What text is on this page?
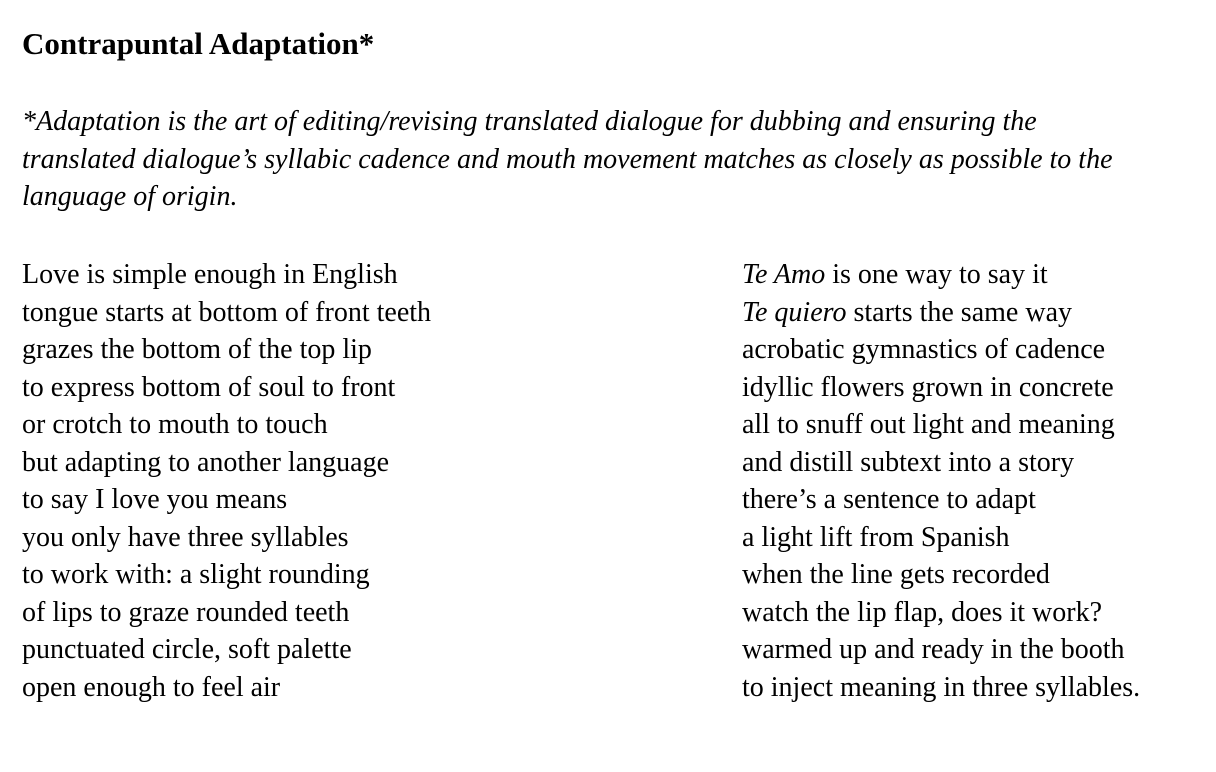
Contrapuntal Adaptation*

*Adaptation is the art of editing/revising translated dialogue for dubbing and ensuring the

translated dialogue’s syllabic cadence and mouth movement matches as closely as possible to the

language of origin.

Love is simple enough in English
tongue starts at bottom of front teeth
grazes the bottom of the top lip
to express bottom of soul to front
or crotch to mouth to touch
but adapting to another language
to say I love you means
you only have three syllables
to work with: a slight rounding
of lips to graze rounded teeth
punctuated circle, soft palette
open enough to feel air
Te Amo is one way to say it
Te quiero starts the same way
acrobatic gymnastics of cadence
idyllic flowers grown in concrete
all to snuff out light and meaning
and distill subtext into a story
there’s a sentence to adapt
a light lift from Spanish
when the line gets recorded
watch the lip flap, does it work?
warmed up and ready in the booth
to inject meaning in three syllables.
